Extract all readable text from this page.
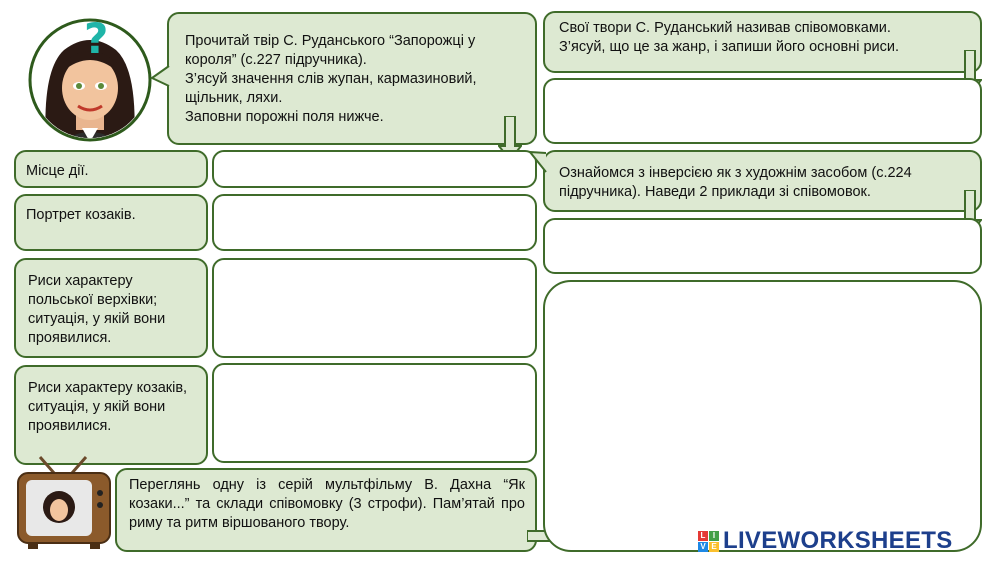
?	Прочитай твір С. Руданського “Запорожці у короля” (с.227 підручника).
З’ясуй значення слів жупан, кармазиновий, щільник, ляхи.
Заповни порожні поля нижче.
Місце дії.
Портрет козаків.
Риси характеру польської верхівки; ситуація, у якій вони проявилися.
Риси характеру козаків, ситуація, у якій вони проявилися.
Переглянь одну із серій мультфільму В. Дахна “Як козаки...” та склади співомовку (3 строфи). Пам’ятай про риму та ритм віршованого твору.
Свої твори С. Руданський називав співомовками.
З’ясуй, що це за жанр, і запиши його основні риси.
Ознайомся з інверсією як з художнім засобом (с.224 підручника). Наведи 2 приклади зі співомовок.
L I
V E LIVEWORKSHEETS
